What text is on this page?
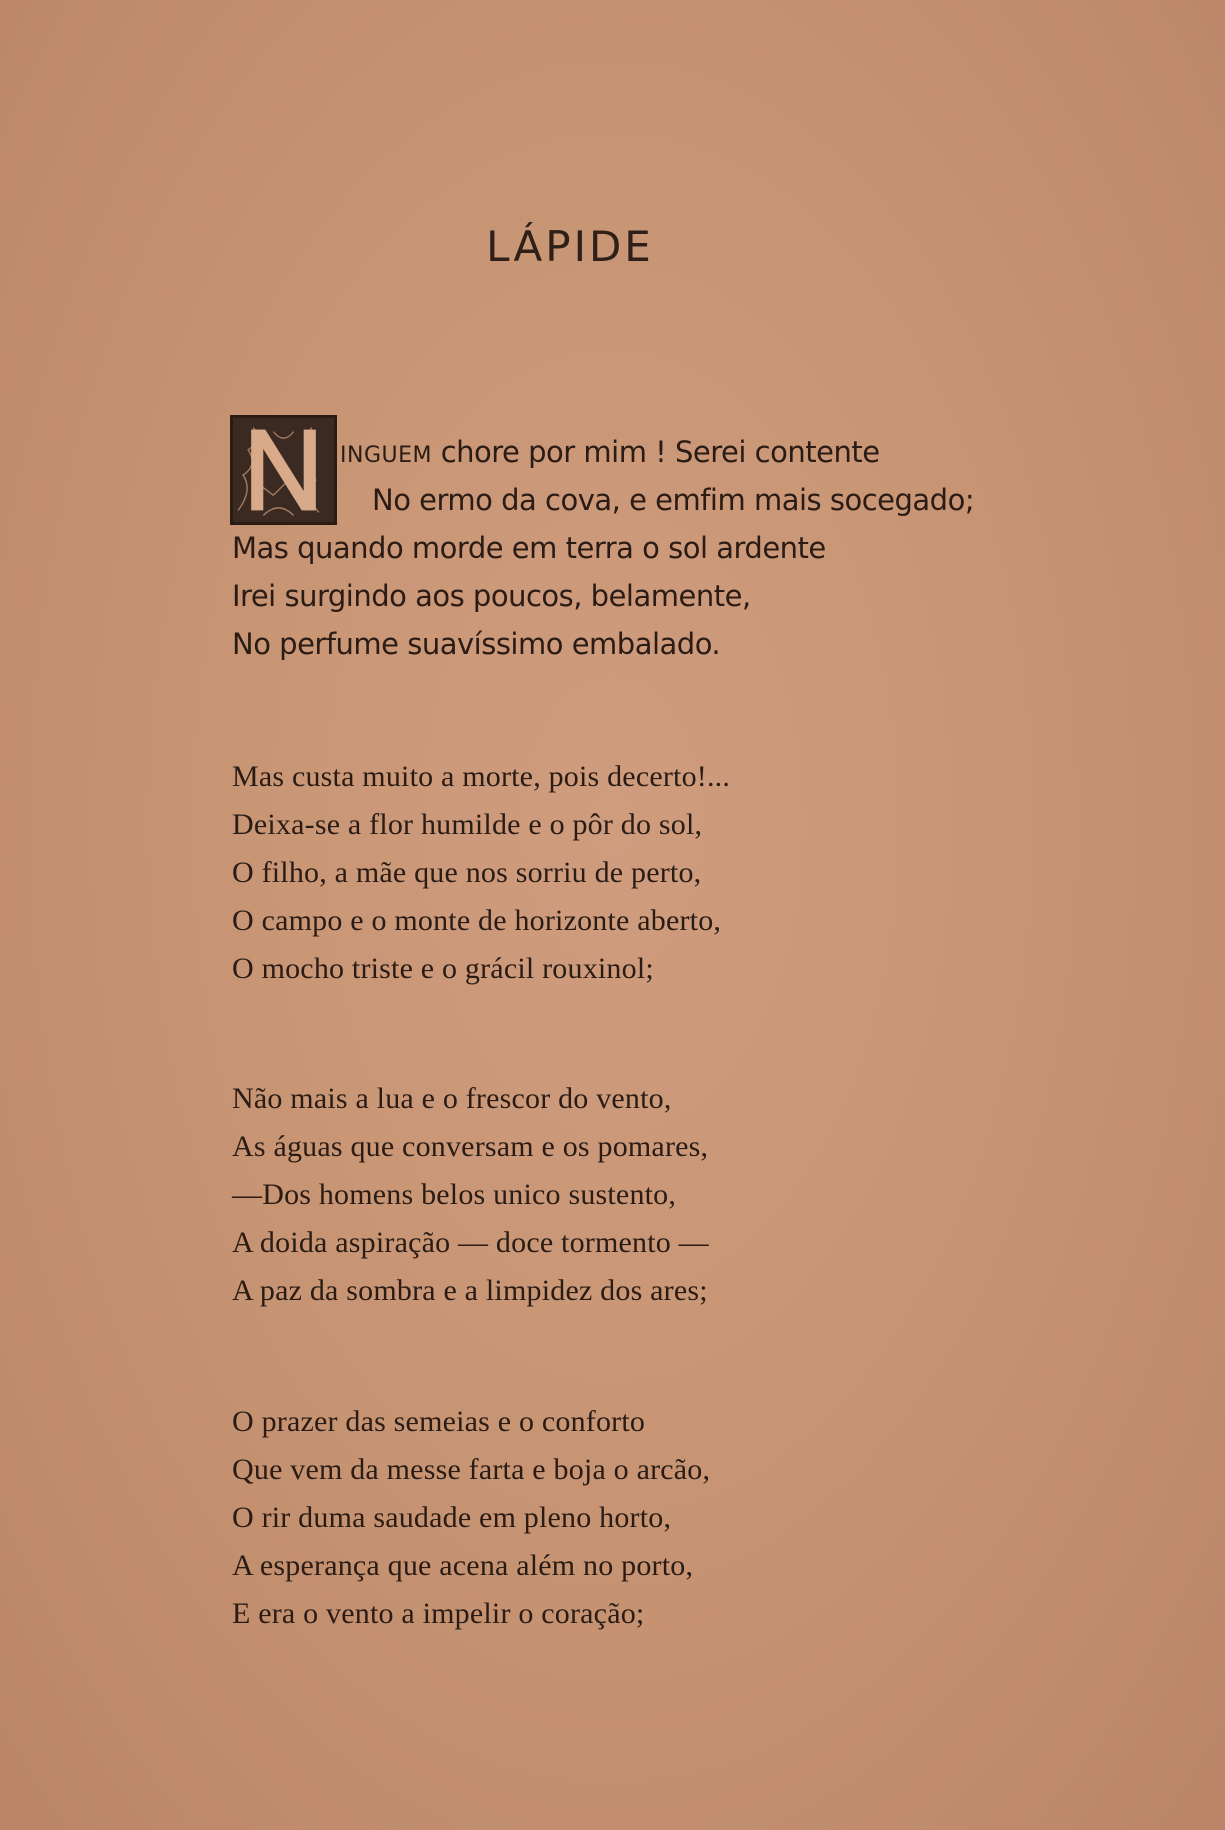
LÁPIDE
INGUEM chore por mim ! Serei contente
No ermo da cova, e emfim mais socegado;
Mas quando morde em terra o sol ardente
Irei surgindo aos poucos, belamente,
No perfume suavíssimo embalado.
Mas custa muito a morte, pois decerto!...
Deixa-se a flor humilde e o pôr do sol,
O filho, a mãe que nos sorriu de perto,
O campo e o monte de horizonte aberto,
O mocho triste e o grácil rouxinol;
Não mais a lua e o frescor do vento,
As águas que conversam e os pomares,
—Dos homens belos unico sustento,
A doida aspiração — doce tormento —
A paz da sombra e a limpidez dos ares;
O prazer das semeias e o conforto
Que vem da messe farta e boja o arcão,
O rir duma saudade em pleno horto,
A esperança que acena além no porto,
E era o vento a impelir o coração;
